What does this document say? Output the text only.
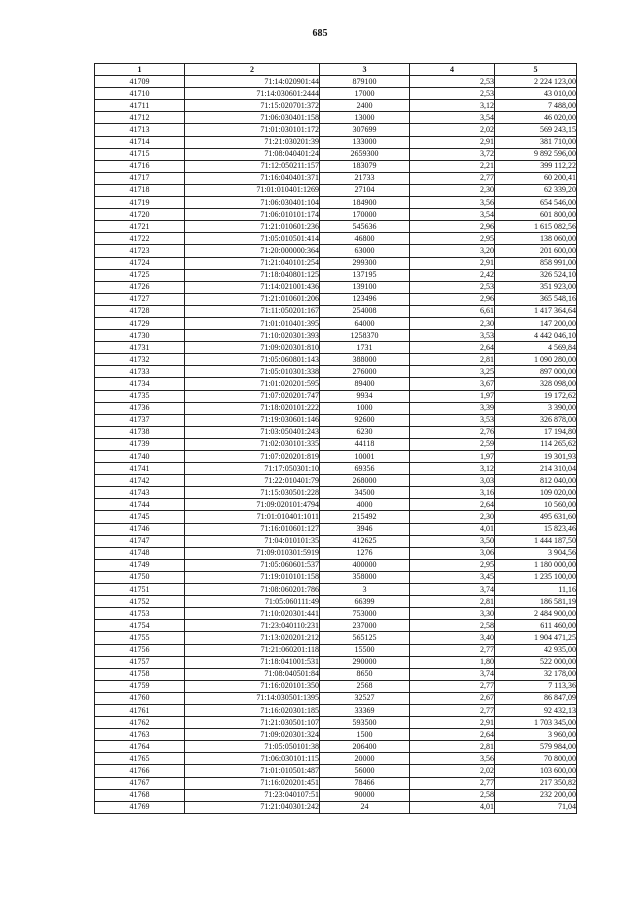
685
1	2	3	4	5
41709	71:14:020901:44	879100	2,53	2 224 123,00
41710	71:14:030601:2444	17000	2,53	43 010,00
41711	71:15:020701:372	2400	3,12	7 488,00
41712	71:06:030401:158	13000	3,54	46 020,00
41713	71:01:030101:172	307699	2,02	569 243,15
41714	71:21:030201:39	133000	2,91	381 710,00
41715	71:08:040401:24	2659300	3,72	9 892 596,00
41716	71:12:050211:157	183079	2,21	399 112,22
41717	71:16:040401:371	21733	2,77	60 200,41
41718	71:01:010401:1269	27104	2,30	62 339,20
41719	71:06:030401:104	184900	3,56	654 546,00
41720	71:06:010101:174	170000	3,54	601 800,00
41721	71:21:010601:236	545636	2,96	1 615 082,56
41722	71:05:010501:414	46800	2,95	138 060,00
41723	71:20:000000:364	63000	3,20	201 600,00
41724	71:21:040101:254	299300	2,91	858 991,00
41725	71:18:040801:125	137195	2,42	326 524,10
41726	71:14:021001:436	139100	2,53	351 923,00
41727	71:21:010601:206	123496	2,96	365 548,16
41728	71:11:050201:167	254008	6,61	1 417 364,64
41729	71:01:010401:395	64000	2,30	147 200,00
41730	71:10:020301:393	1258370	3,53	4 442 046,10
41731	71:09:020301:810	1731	2,64	4 569,84
41732	71:05:060801:143	388000	2,81	1 090 280,00
41733	71:05:010301:338	276000	3,25	897 000,00
41734	71:01:020201:595	89400	3,67	328 098,00
41735	71:07:020201:747	9934	1,97	19 172,62
41736	71:18:020101:222	1000	3,39	3 390,00
41737	71:19:030601:146	92600	3,53	326 878,00
41738	71:03:050401:243	6230	2,76	17 194,80
41739	71:02:030101:335	44118	2,59	114 265,62
41740	71:07:020201:819	10001	1,97	19 301,93
41741	71:17:050301:10	69356	3,12	214 310,04
41742	71:22:010401:79	268000	3,03	812 040,00
41743	71:15:030501:228	34500	3,16	109 020,00
41744	71:09:020101:4794	4000	2,64	10 560,00
41745	71:01:010401:1011	215492	2,30	495 631,60
41746	71:16:010601:127	3946	4,01	15 823,46
41747	71:04:010101:35	412625	3,50	1 444 187,50
41748	71:09:010301:5919	1276	3,06	3 904,56
41749	71:05:060601:537	400000	2,95	1 180 000,00
41750	71:19:010101:158	358000	3,45	1 235 100,00
41751	71:08:060201:786	3	3,74	11,16
41752	71:05:060111:49	66399	2,81	186 581,19
41753	71:10:020301:441	753000	3,30	2 484 900,00
41754	71:23:040110:231	237000	2,58	611 460,00
41755	71:13:020201:212	565125	3,40	1 904 471,25
41756	71:21:060201:118	15500	2,77	42 935,00
41757	71:18:041001:531	290000	1,80	522 000,00
41758	71:08:040501:84	8650	3,74	32 178,00
41759	71:16:020101:350	2568	2,77	7 113,36
41760	71:14:030501:1395	32527	2,67	86 847,09
41761	71:16:020301:185	33369	2,77	92 432,13
41762	71:21:030501:107	593500	2,91	1 703 345,00
41763	71:09:020301:324	1500	2,64	3 960,00
41764	71:05:050101:38	206400	2,81	579 984,00
41765	71:06:030101:115	20000	3,56	70 800,00
41766	71:01:010501:487	56000	2,02	103 600,00
41767	71:16:020201:451	78466	2,77	217 350,82
41768	71:23:040107:51	90000	2,58	232 200,00
41769	71:21:040301:242	24	4,01	71,04
